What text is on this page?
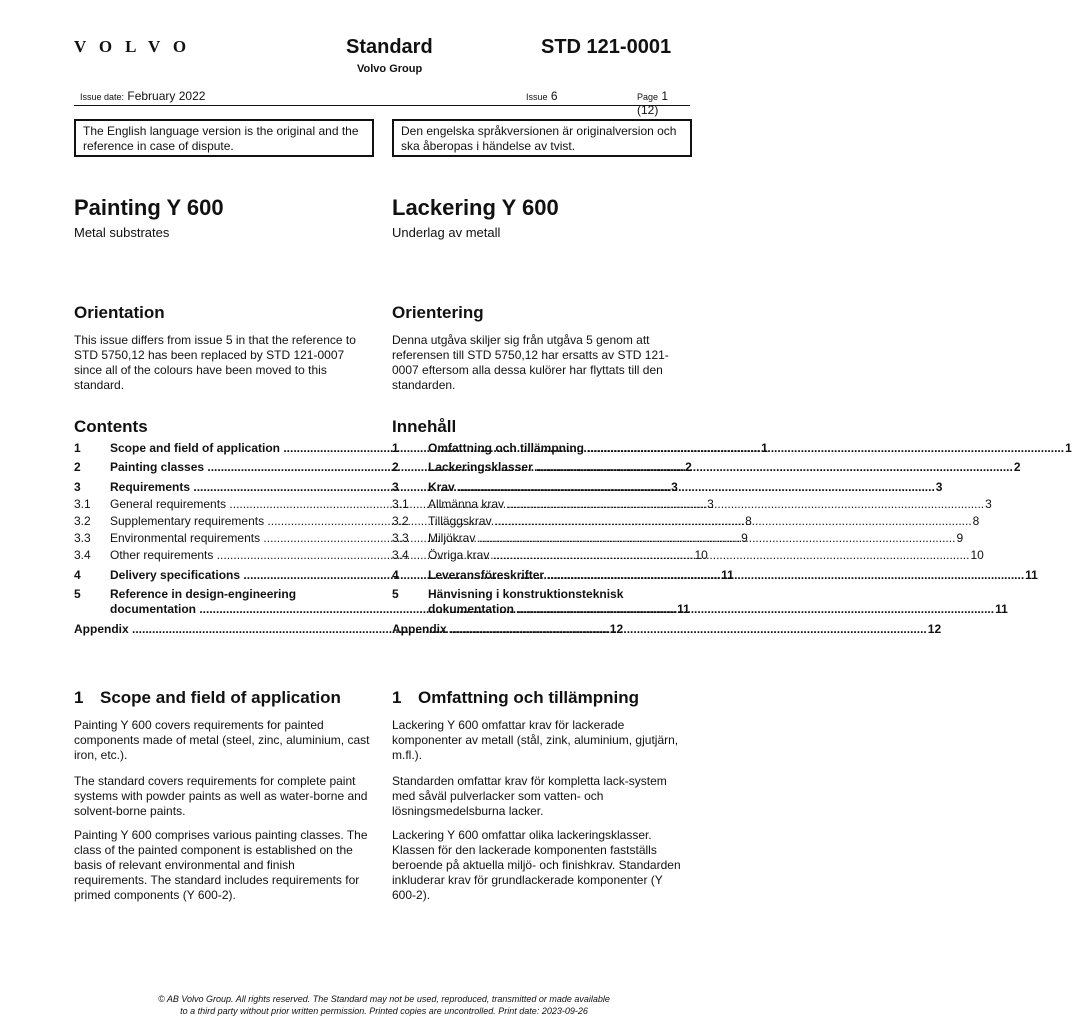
VOLVO	Standard
Volvo Group
STD 121-0001
Issue date: February 2022	Issue 6	Page 1 (12)
The English language version is the original and the reference in case of dispute.
Den engelska språkversionen är originalversion och ska åberopas i händelse av tvist.
Painting Y 600
Metal substrates
Orientation
This issue differs from issue 5 in that the reference to STD 5750,12 has been replaced by STD 121-0007 since all of the colours have been moved to this standard.
Contents
1	Scope and field of application .....	1
2	Painting classes .....	2
3	Requirements .....	3
3.1	General requirements .....	3
3.2	Supplementary requirements .....	8
3.3	Environmental requirements .....	9
3.4	Other requirements .....	10
4	Delivery specifications .....	11
5	Reference in design-engineering
documentation .....	11
Appendix .....	12
1 Scope and field of application
Painting Y 600 covers requirements for painted components made of metal (steel, zinc, aluminium, cast iron, etc.).
The standard covers requirements for complete paint systems with powder paints as well as water-borne and solvent-borne paints.
Painting Y 600 comprises various painting classes. The class of the painted component is established on the basis of relevant environmental and finish requirements. The standard includes requirements for primed components (Y 600-2).
Lackering Y 600
Underlag av metall
Orientering
Denna utgåva skiljer sig från utgåva 5 genom att referensen till STD 5750,12 har ersatts av STD 121-0007 eftersom alla dessa kulörer har flyttats till den standarden.
Innehåll
1	Omfattning och tillämpning .....	1
2	Lackeringsklasser .....	2
3	Krav .....	3
3.1	Allmänna krav .....	3
3.2	Tilläggskrav .....	8
3.3	Miljökrav .....	9
3.4	Övriga krav .....	10
4	Leveransföreskrifter .....	11
5	Hänvisning i konstruktionsteknisk
dokumentation .....	11
Appendix .....	12
1 Omfattning och tillämpning
Lackering Y 600 omfattar krav för lackerade komponenter av metall (stål, zink, aluminium, gjutjärn, m.fl.).
Standarden omfattar krav för kompletta lack-system med såväl pulverlacker som vatten- och lösningsmedelsburna lacker.
Lackering Y 600 omfattar olika lackeringsklasser. Klassen för den lackerade komponenten fastställs beroende på aktuella miljö- och finishkrav. Standarden inkluderar krav för grundlackerade komponenter (Y 600-2).
© AB Volvo Group. All rights reserved. The Standard may not be used, reproduced, transmitted or made available
to a third party without prior written permission. Printed copies are uncontrolled. Print date: 2023-09-26
